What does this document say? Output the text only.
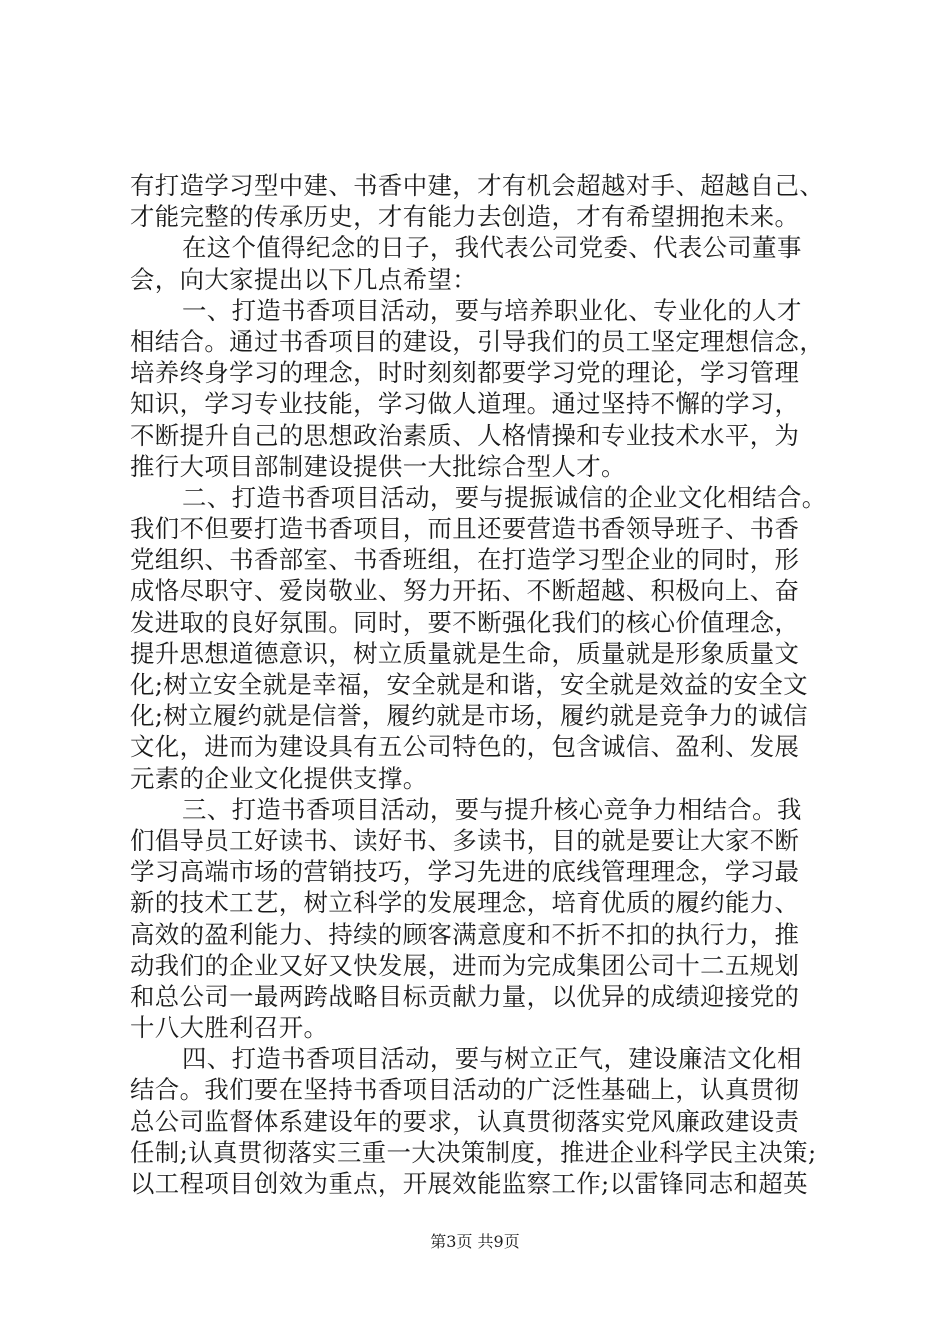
有打造学习型中建、书香中建，才有机会超越对手、超越自己、
才能完整的传承历史，才有能力去创造，才有希望拥抱未来。
在这个值得纪念的日子，我代表公司党委、代表公司董事
会，向大家提出以下几点希望：
一、打造书香项目活动，要与培养职业化、专业化的人才
相结合。通过书香项目的建设，引导我们的员工坚定理想信念，
培养终身学习的理念，时时刻刻都要学习党的理论，学习管理
知识，学习专业技能，学习做人道理。通过坚持不懈的学习，
不断提升自己的思想政治素质、人格情操和专业技术水平，为
推行大项目部制建设提供一大批综合型人才。
二、打造书香项目活动，要与提振诚信的企业文化相结合。
我们不但要打造书香项目，而且还要营造书香领导班子、书香
党组织、书香部室、书香班组，在打造学习型企业的同时，形
成恪尽职守、爱岗敬业、努力开拓、不断超越、积极向上、奋
发进取的良好氛围。同时，要不断强化我们的核心价值理念，
提升思想道德意识，树立质量就是生命，质量就是形象质量文
化;树立安全就是幸福，安全就是和谐，安全就是效益的安全文
化;树立履约就是信誉，履约就是市场，履约就是竞争力的诚信
文化，进而为建设具有五公司特色的，包含诚信、盈利、发展
元素的企业文化提供支撑。
三、打造书香项目活动，要与提升核心竞争力相结合。我
们倡导员工好读书、读好书、多读书，目的就是要让大家不断
学习高端市场的营销技巧，学习先进的底线管理理念，学习最
新的技术工艺，树立科学的发展理念，培育优质的履约能力、
高效的盈利能力、持续的顾客满意度和不折不扣的执行力，推
动我们的企业又好又快发展，进而为完成集团公司十二五规划
和总公司一最两跨战略目标贡献力量，以优异的成绩迎接党的
十八大胜利召开。
四、打造书香项目活动，要与树立正气，建设廉洁文化相
结合。我们要在坚持书香项目活动的广泛性基础上，认真贯彻
总公司监督体系建设年的要求，认真贯彻落实党风廉政建设责
任制;认真贯彻落实三重一大决策制度，推进企业科学民主决策;
以工程项目创效为重点，开展效能监察工作;以雷锋同志和超英
第3页 共9页
